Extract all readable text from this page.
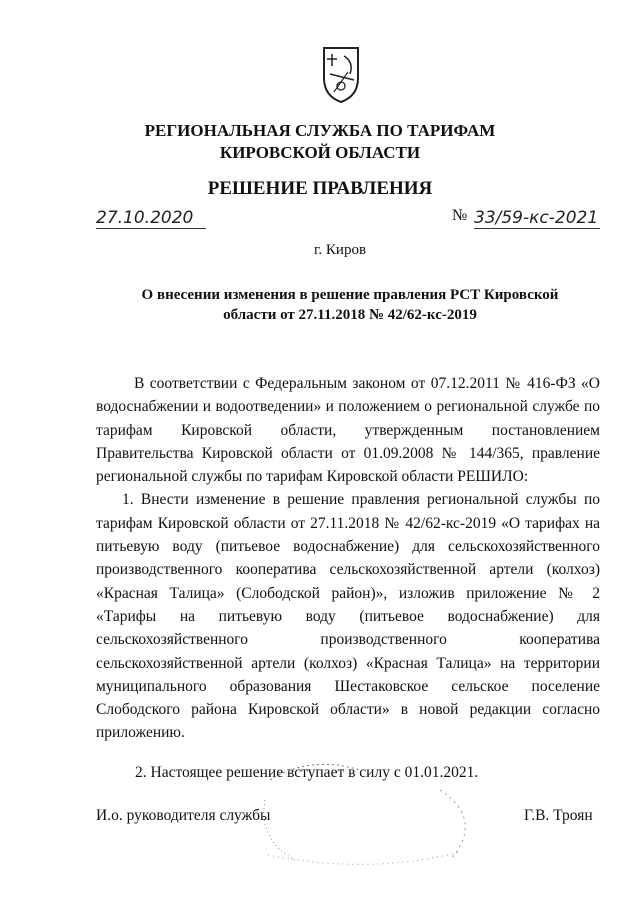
РЕГИОНАЛЬНАЯ СЛУЖБА ПО ТАРИФАМ
КИРОВСКОЙ ОБЛАСТИ
РЕШЕНИЕ ПРАВЛЕНИЯ
27.10.2020	№ 33/59-кс-2021
г. Киров
О внесении изменения в решение правления РСТ Кировской
области от 27.11.2018 № 42/62-кс-2019

В соответствии с Федеральным законом от 07.12.2011 № 416-ФЗ «О водоснабжении и водоотведении» и положением о региональной службе по тарифам Кировской области, утвержденным постановлением Правительства Кировской области от 01.09.2008 № 144/365, правление региональной службы по тарифам Кировской области РЕШИЛО:

1. Внести изменение в решение правления региональной службы по тарифам Кировской области от 27.11.2018 № 42/62-кс-2019 «О тарифах на питьевую воду (питьевое водоснабжение) для сельскохозяйственного производственного кооператива сельскохозяйственной артели (колхоз) «Красная Талица» (Слободской район)», изложив приложение № 2 «Тарифы на питьевую воду (питьевое водоснабжение) для сельскохозяйственного производственного кооператива сельскохозяйственной артели (колхоз) «Красная Талица» на территории муниципального образования Шестаковское сельское поселение Слободского района Кировской области» в новой редакции согласно приложению.

2. Настоящее решение вступает в силу с 01.01.2021.
И.о. руководителя службы	Г.В. Троян
